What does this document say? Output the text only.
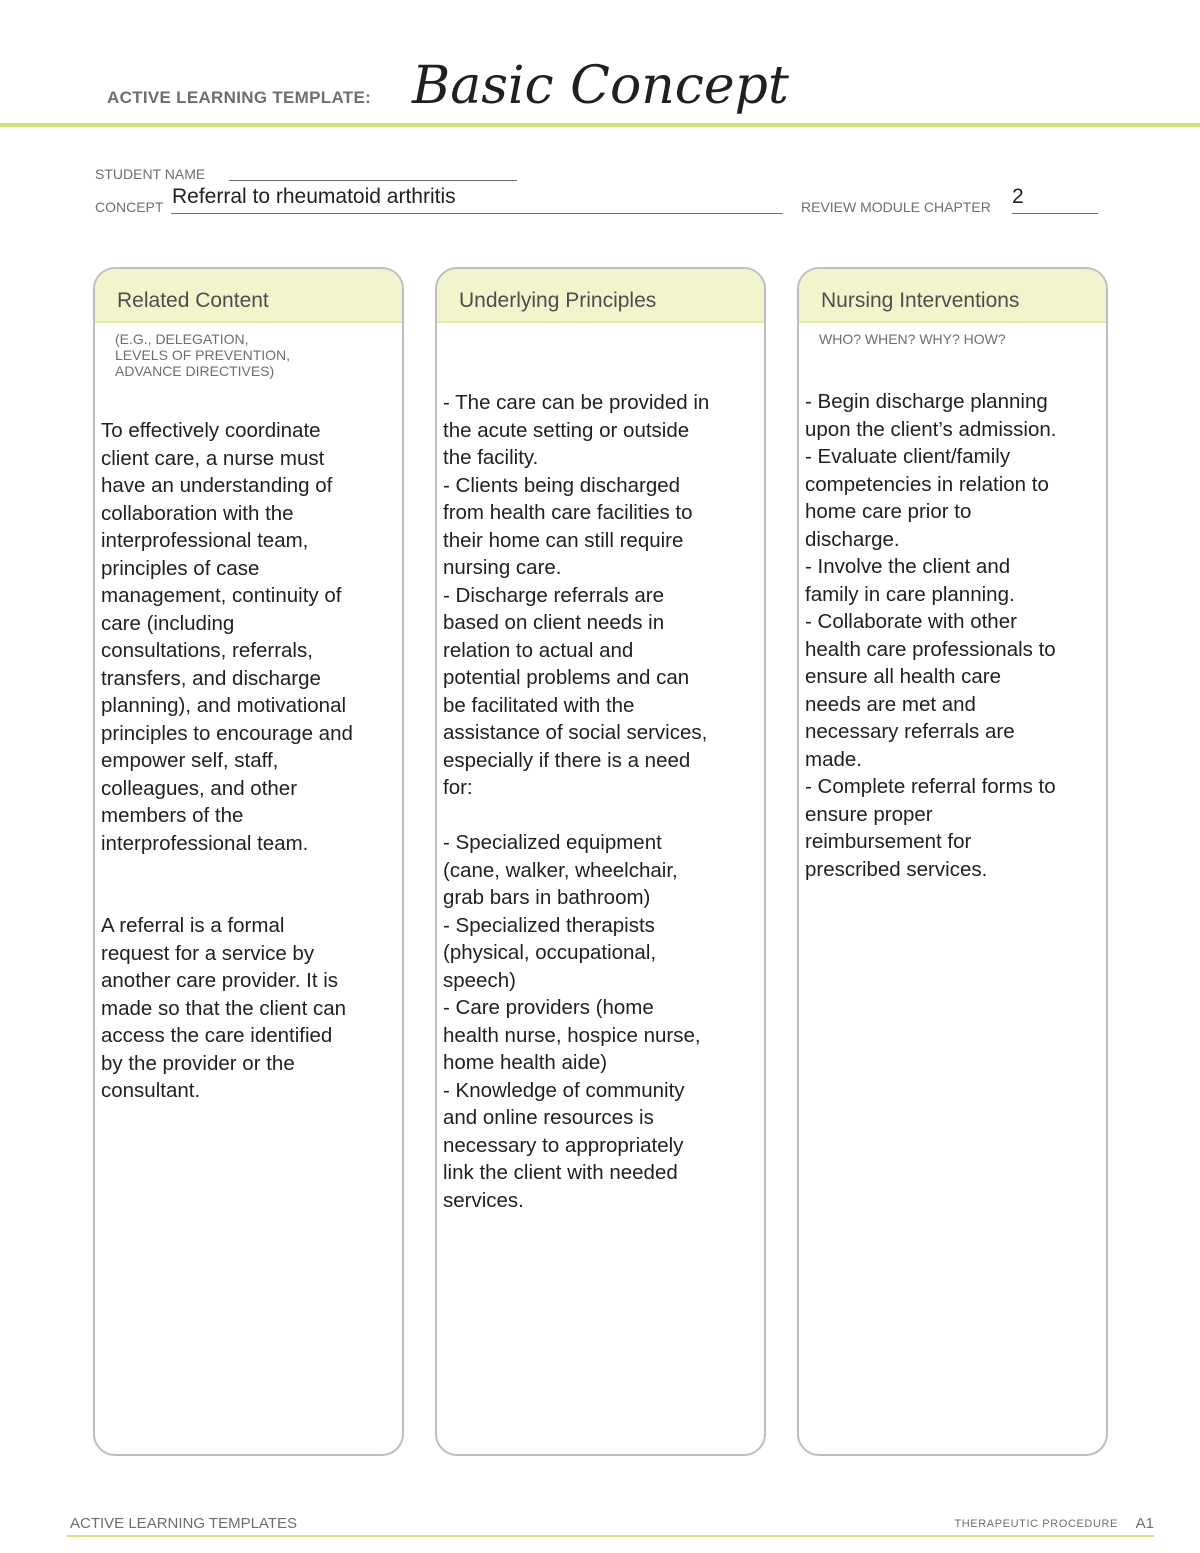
ACTIVE LEARNING TEMPLATE: Basic Concept
STUDENT NAME
CONCEPT Referral to rheumatoid arthritis	REVIEW MODULE CHAPTER 2
Related Content
(E.G., DELEGATION,
LEVELS OF PREVENTION,
ADVANCE DIRECTIVES)
To effectively coordinate
client care, a nurse must
have an understanding of
collaboration with the
interprofessional team,
principles of case
management, continuity of
care (including
consultations, referrals,
transfers, and discharge
planning), and motivational
principles to encourage and
empower self, staff,
colleagues, and other
members of the
interprofessional team.

A referral is a formal
request for a service by
another care provider. It is
made so that the client can
access the care identified
by the provider or the
consultant.
Underlying Principles
- The care can be provided in
the acute setting or outside
the facility.
- Clients being discharged
from health care facilities to
their home can still require
nursing care.
- Discharge referrals are
based on client needs in
relation to actual and
potential problems and can
be facilitated with the
assistance of social services,
especially if there is a need
for:

- Specialized equipment
(cane, walker, wheelchair,
grab bars in bathroom)
- Specialized therapists
(physical, occupational,
speech)
- Care providers (home
health nurse, hospice nurse,
home health aide)
- Knowledge of community
and online resources is
necessary to appropriately
link the client with needed
services.
Nursing Interventions
WHO? WHEN? WHY? HOW?
- Begin discharge planning
upon the client’s admission.
- Evaluate client/family
competencies in relation to
home care prior to
discharge.
- Involve the client and
family in care planning.
- Collaborate with other
health care professionals to
ensure all health care
needs are met and
necessary referrals are
made.
- Complete referral forms to
ensure proper
reimbursement for
prescribed services.
ACTIVE LEARNING TEMPLATES	THERAPEUTIC PROCEDURE A1
